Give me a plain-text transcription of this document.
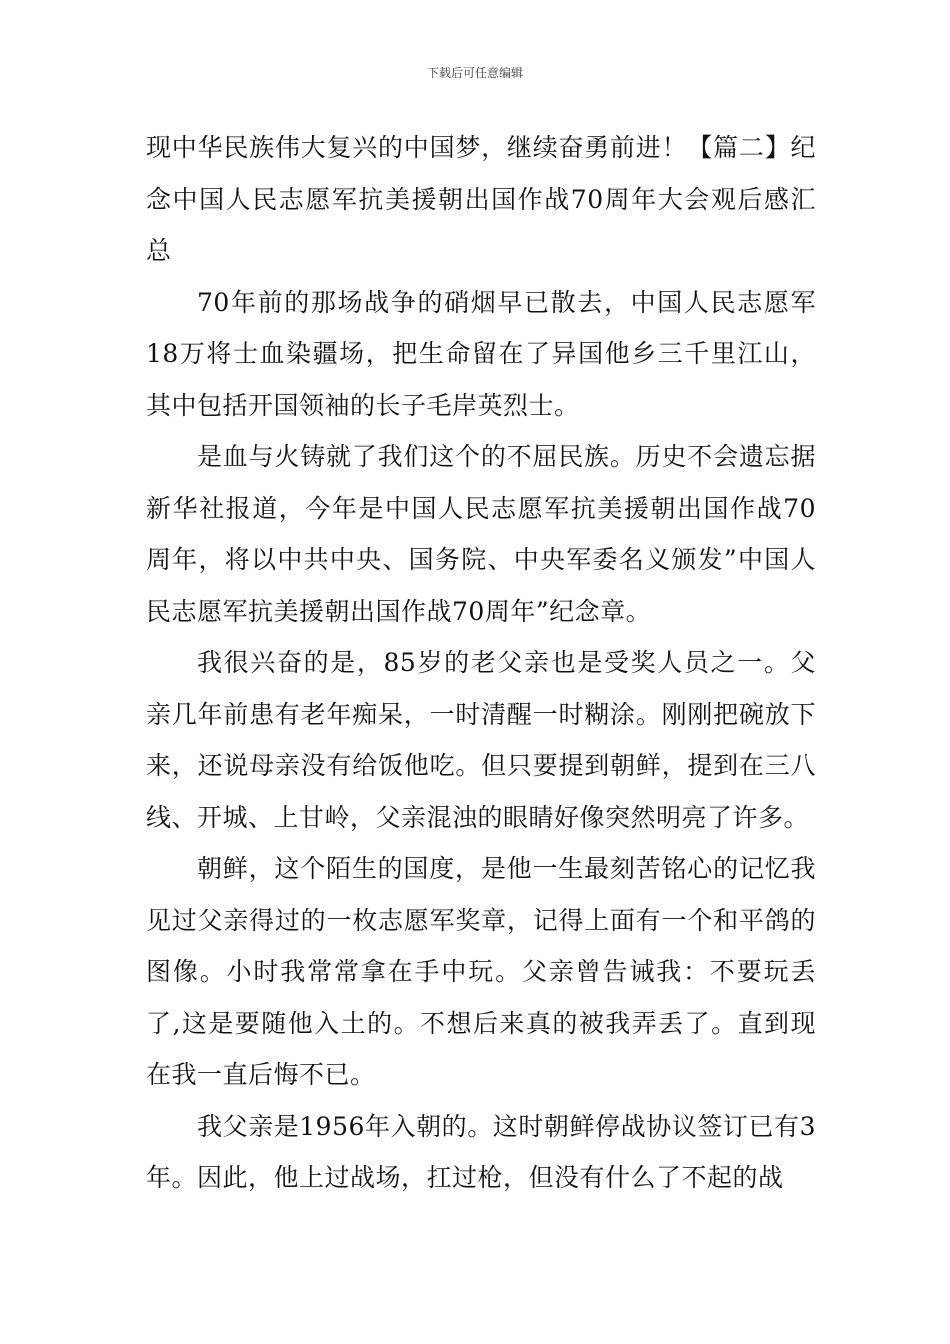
下载后可任意编辑

现中华民族伟大复兴的中国梦，继续奋勇前进！【篇二】纪念中国人民志愿军抗美援朝出国作战70周年大会观后感汇总

70年前的那场战争的硝烟早已散去，中国人民志愿军18万将士血染疆场，把生命留在了异国他乡三千里江山，其中包括开国领袖的长子毛岸英烈士。

是血与火铸就了我们这个的不屈民族。历史不会遗忘据新华社报道，今年是中国人民志愿军抗美援朝出国作战70周年，将以中共中央、国务院、中央军委名义颁发”中国人民志愿军抗美援朝出国作战70周年”纪念章。

我很兴奋的是，85岁的老父亲也是受奖人员之一。父亲几年前患有老年痴呆，一时清醒一时糊涂。刚刚把碗放下来，还说母亲没有给饭他吃。但只要提到朝鲜，提到在三八线、开城、上甘岭，父亲混浊的眼睛好像突然明亮了许多。

朝鲜，这个陌生的国度，是他一生最刻苦铭心的记忆我见过父亲得过的一枚志愿军奖章，记得上面有一个和平鸽的图像。小时我常常拿在手中玩。父亲曾告诫我：不要玩丢了,这是要随他入土的。不想后来真的被我弄丢了。直到现在我一直后悔不已。

我父亲是1956年入朝的。这时朝鲜停战协议签订已有3年。因此，他上过战场，扛过枪，但没有什么了不起的战
